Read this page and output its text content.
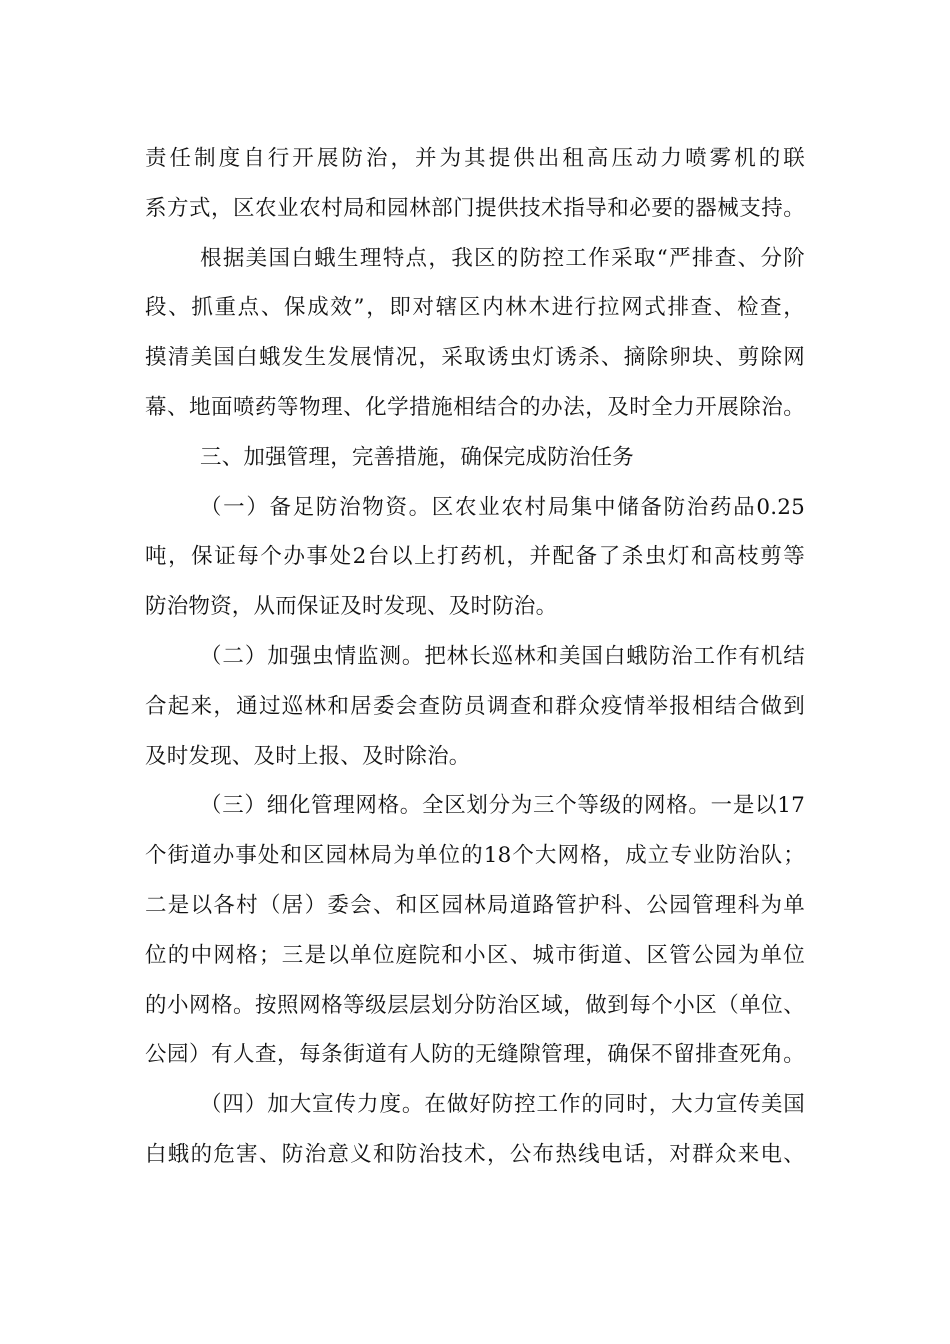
责任制度自行开展防治，并为其提供出租高压动力喷雾机的联
系方式，区农业农村局和园林部门提供技术指导和必要的器械支持。
根据美国白蛾生理特点，我区的防控工作采取“严排查、分阶
段、抓重点、保成效”，即对辖区内林木进行拉网式排查、检查，
摸清美国白蛾发生发展情况，采取诱虫灯诱杀、摘除卵块、剪除网
幕、地面喷药等物理、化学措施相结合的办法，及时全力开展除治。
三、加强管理，完善措施，确保完成防治任务
（一）备足防治物资。区农业农村局集中储备防治药品0.25
吨，保证每个办事处2台以上打药机，并配备了杀虫灯和高枝剪等
防治物资，从而保证及时发现、及时防治。
（二）加强虫情监测。把林长巡林和美国白蛾防治工作有机结
合起来，通过巡林和居委会查防员调查和群众疫情举报相结合做到
及时发现、及时上报、及时除治。
（三）细化管理网格。全区划分为三个等级的网格。一是以17
个街道办事处和区园林局为单位的18个大网格，成立专业防治队；
二是以各村（居）委会、和区园林局道路管护科、公园管理科为单
位的中网格；三是以单位庭院和小区、城市街道、区管公园为单位
的小网格。按照网格等级层层划分防治区域，做到每个小区（单位、
公园）有人查，每条街道有人防的无缝隙管理，确保不留排查死角。
（四）加大宣传力度。在做好防控工作的同时，大力宣传美国
白蛾的危害、防治意义和防治技术，公布热线电话，对群众来电、
